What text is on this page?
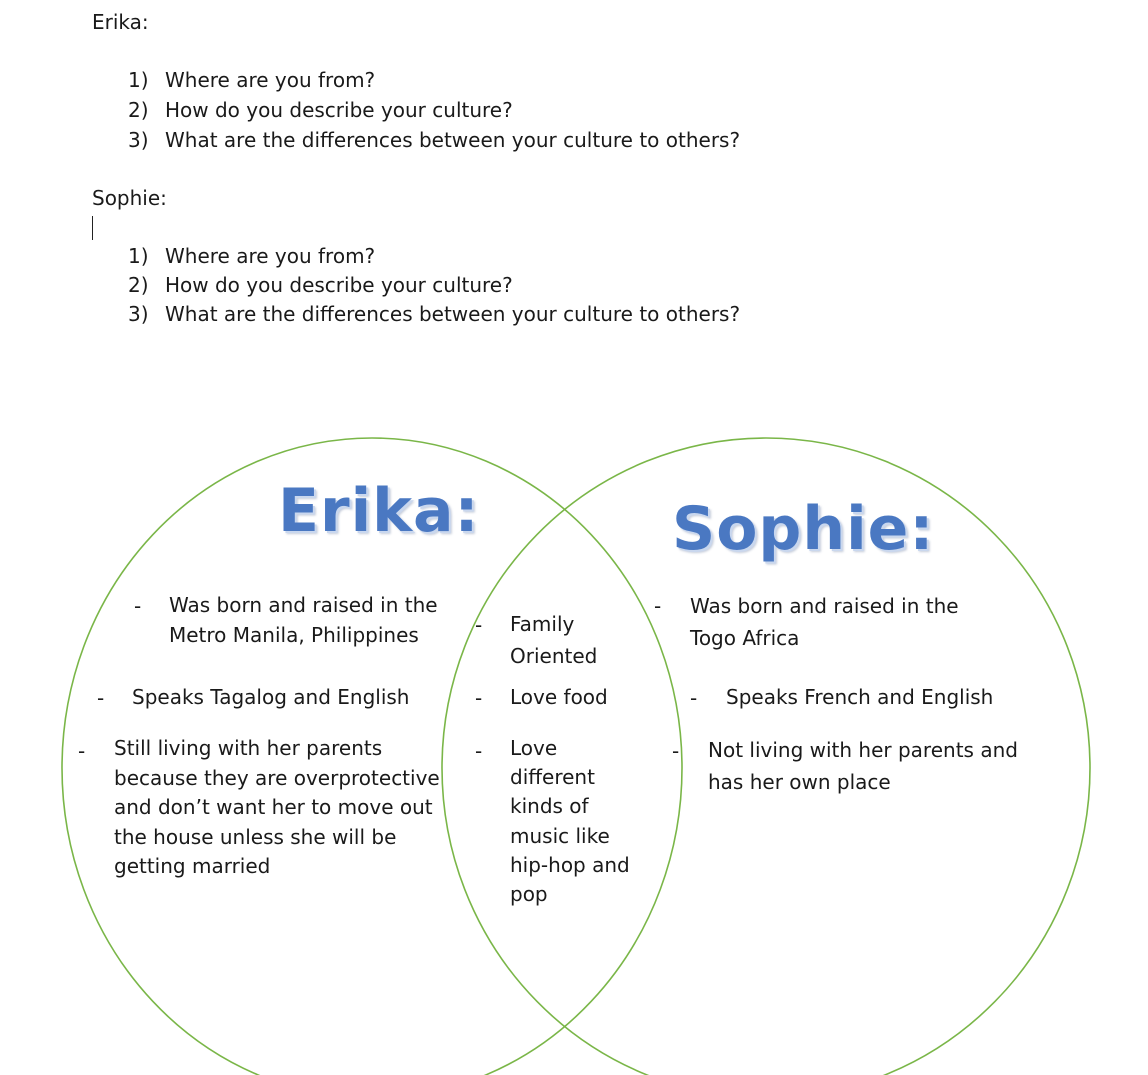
Erika:
1) Where are you from?
2) How do you describe your culture?
3) What are the differences between your culture to others?
Sophie:
1) Where are you from?
2) How do you describe your culture?
3) What are the differences between your culture to others?
Erika:	Sophie:
- Was born and raised in the
Metro Manila, Philippines
- Speaks Tagalog and English
- Still living with her parents
because they are overprotective
and don’t want her to move out
the house unless she will be
getting married
- Family
Oriented
- Love food
- Love
different
kinds of
music like
hip-hop and
pop
- Was born and raised in the
Togo Africa
- Speaks French and English
- Not living with her parents and
has her own place
